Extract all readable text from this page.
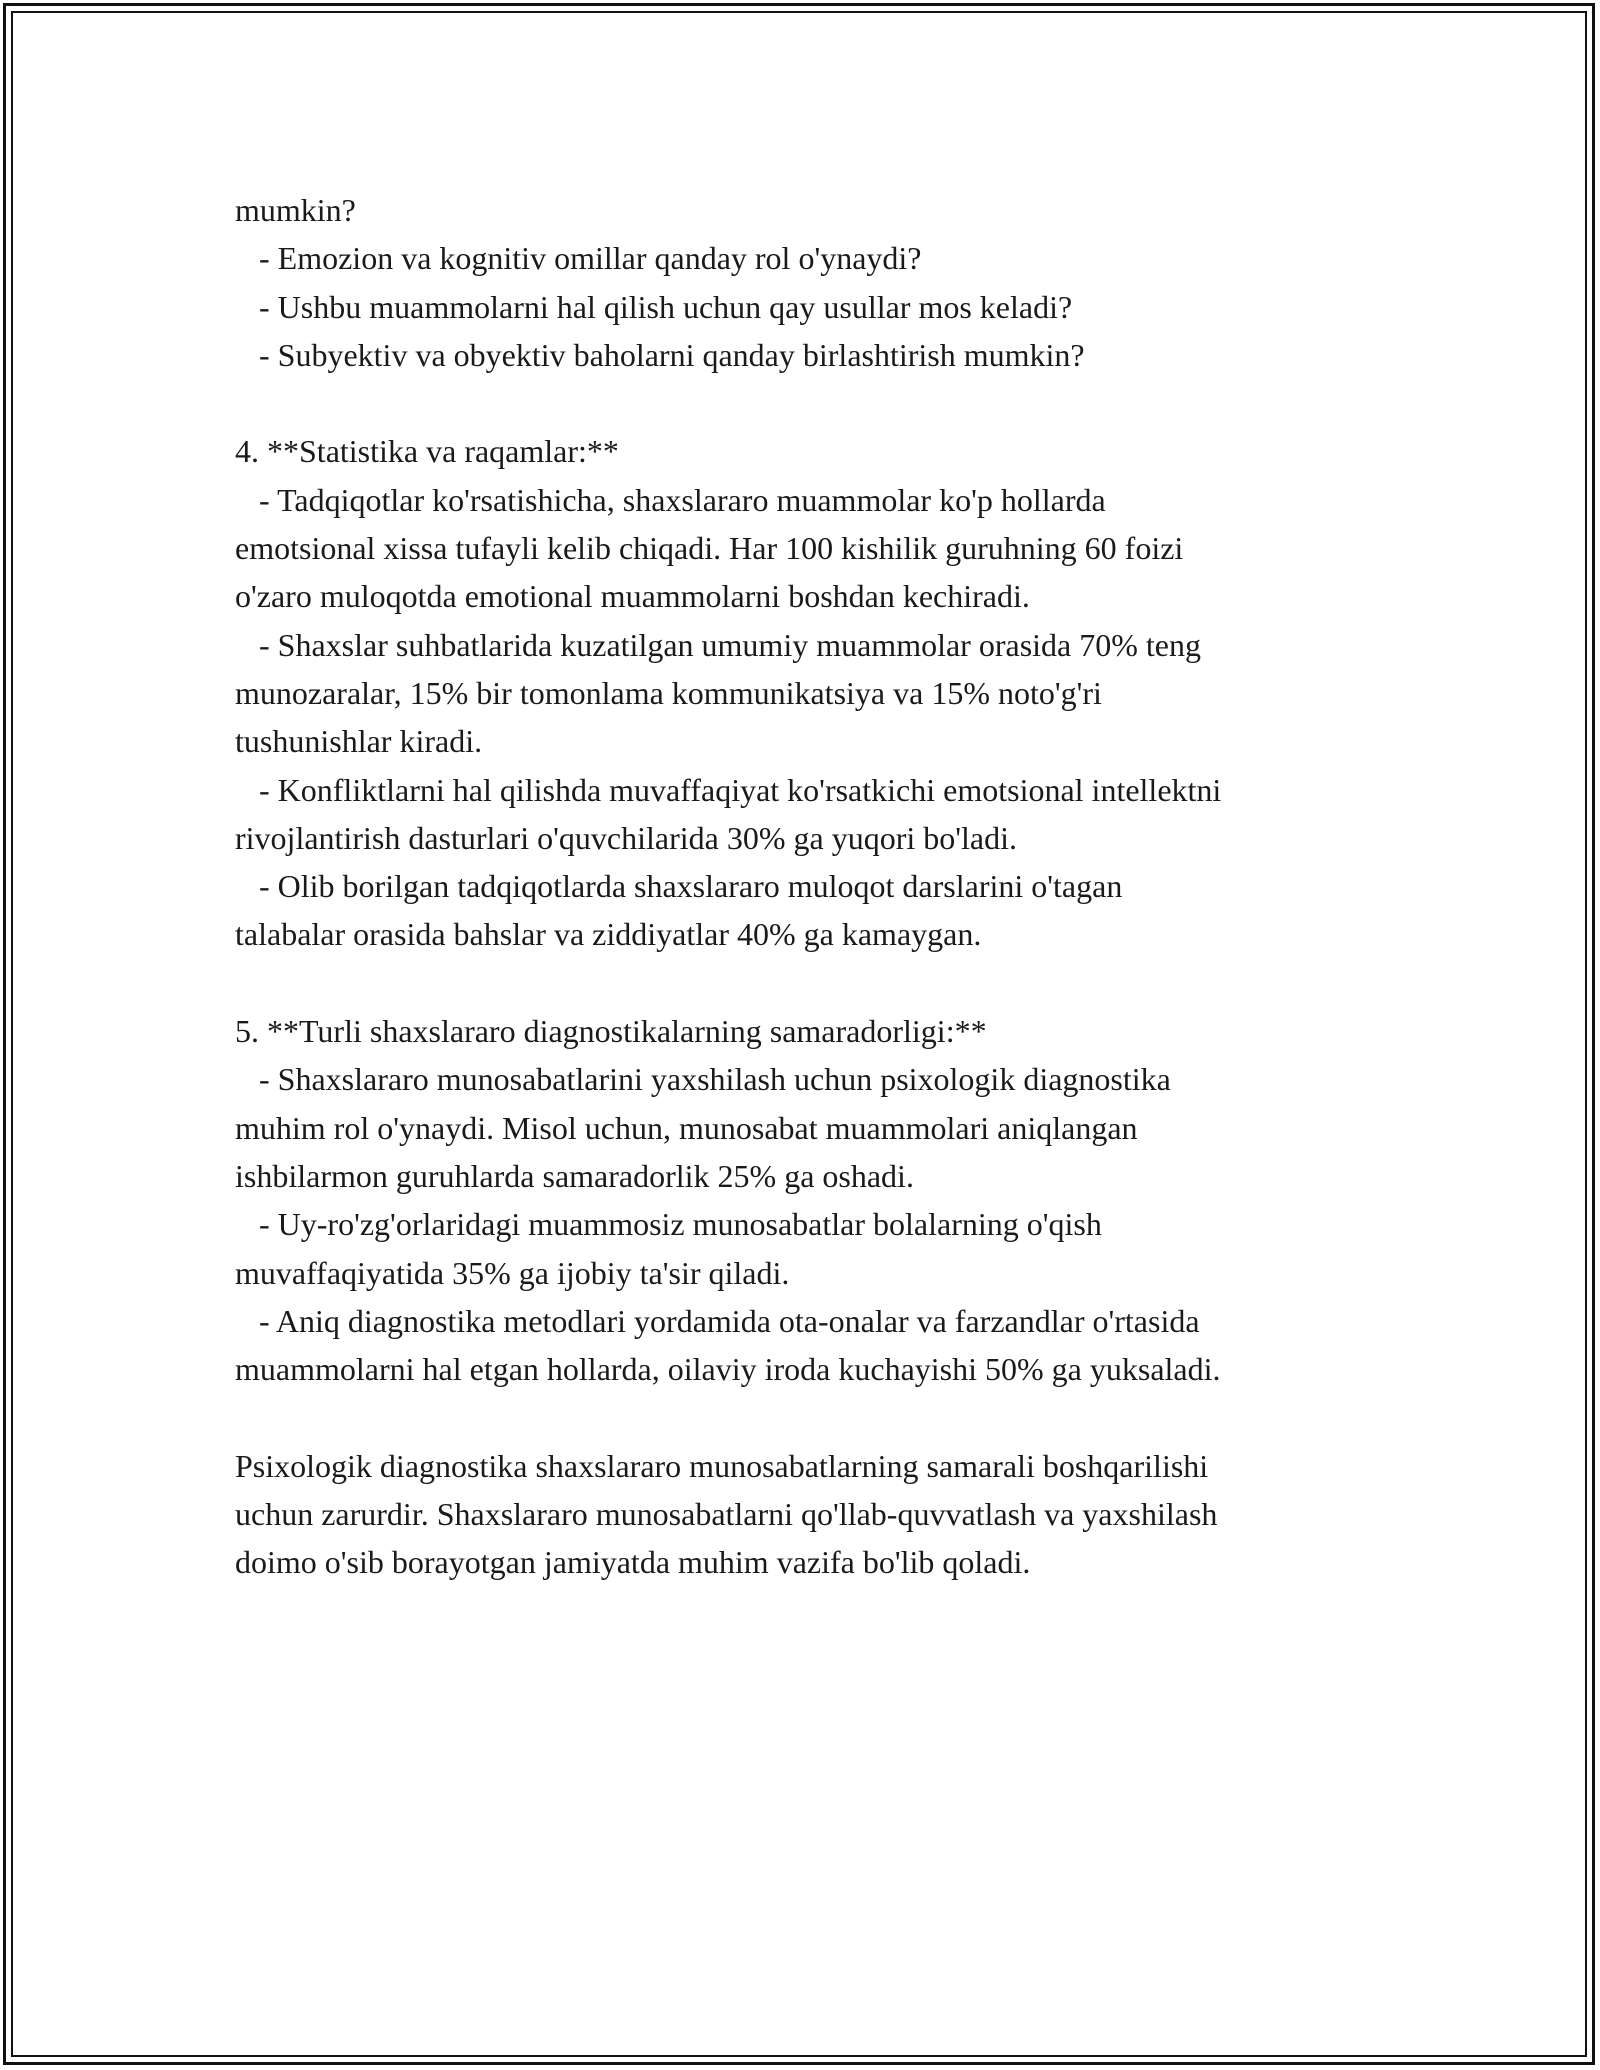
mumkin?
- Emozion va kognitiv omillar qanday rol o'ynaydi?
- Ushbu muammolarni hal qilish uchun qay usullar mos keladi?
- Subyektiv va obyektiv baholarni qanday birlashtirish mumkin?
4. **Statistika va raqamlar:**
- Tadqiqotlar ko'rsatishicha, shaxslararo muammolar ko'p hollarda
emotsional xissa tufayli kelib chiqadi. Har 100 kishilik guruhning 60 foizi
o'zaro muloqotda emotional muammolarni boshdan kechiradi.
- Shaxslar suhbatlarida kuzatilgan umumiy muammolar orasida 70% teng
munozaralar, 15% bir tomonlama kommunikatsiya va 15% noto'g'ri
tushunishlar kiradi.
- Konfliktlarni hal qilishda muvaffaqiyat ko'rsatkichi emotsional intellektni
rivojlantirish dasturlari o'quvchilarida 30% ga yuqori bo'ladi.
- Olib borilgan tadqiqotlarda shaxslararo muloqot darslarini o'tagan
talabalar orasida bahslar va ziddiyatlar 40% ga kamaygan.
5. **Turli shaxslararo diagnostikalarning samaradorligi:**
- Shaxslararo munosabatlarini yaxshilash uchun psixologik diagnostika
muhim rol o'ynaydi. Misol uchun, munosabat muammolari aniqlangan
ishbilarmon guruhlarda samaradorlik 25% ga oshadi.
- Uy-ro'zg'orlaridagi muammosiz munosabatlar bolalarning o'qish
muvaffaqiyatida 35% ga ijobiy ta'sir qiladi.
- Aniq diagnostika metodlari yordamida ota-onalar va farzandlar o'rtasida
muammolarni hal etgan hollarda, oilaviy iroda kuchayishi 50% ga yuksaladi.
Psixologik diagnostika shaxslararo munosabatlarning samarali boshqarilishi
uchun zarurdir. Shaxslararo munosabatlarni qo'llab-quvvatlash va yaxshilash
doimo o'sib borayotgan jamiyatda muhim vazifa bo'lib qoladi.
